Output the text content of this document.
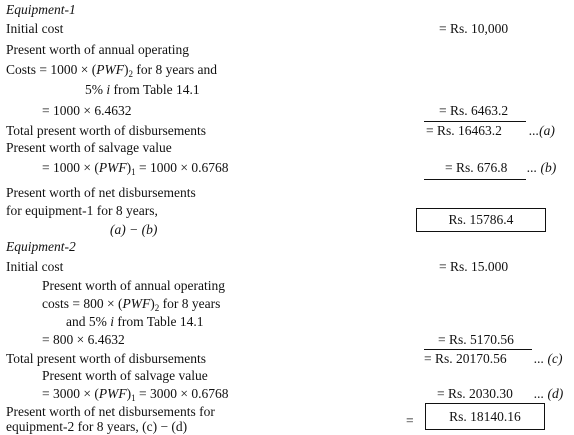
Equipment-1
Initial cost	= Rs. 10,000
Present worth of annual operating
Costs = $1000 \times (PWF)_2$ for 8 years and
5% i from Table 14.1
= 1000 × 6.4632	= Rs. 6463.2
Total present worth of disbursements	= Rs. 16463.2 ...(a)
Present worth of salvage value
= $1000 \times (PWF)_1 = 1000 \times 0.6768$	= Rs. 676.8 ... (b)
Present worth of net disbursements
for equipment-1 for 8 years,
(a) − (b)
Rs. 15786.4
Equipment-2
Initial cost	= Rs. 15.000
Present worth of annual operating
costs = $800 \times (PWF)_2$ for 8 years
and 5% i from Table 14.1
= 800 × 6.4632	= Rs. 5170.56
Total present worth of disbursements	= Rs. 20170.56 ... (c)
Present worth of salvage value
= $3000 \times (PWF)_1 = 3000 \times 0.6768$	= Rs. 2030.30 ... (d)
Present worth of net disbursements for
equipment-2 for 8 years, (c) − (d)	=	Rs. 18140.16
